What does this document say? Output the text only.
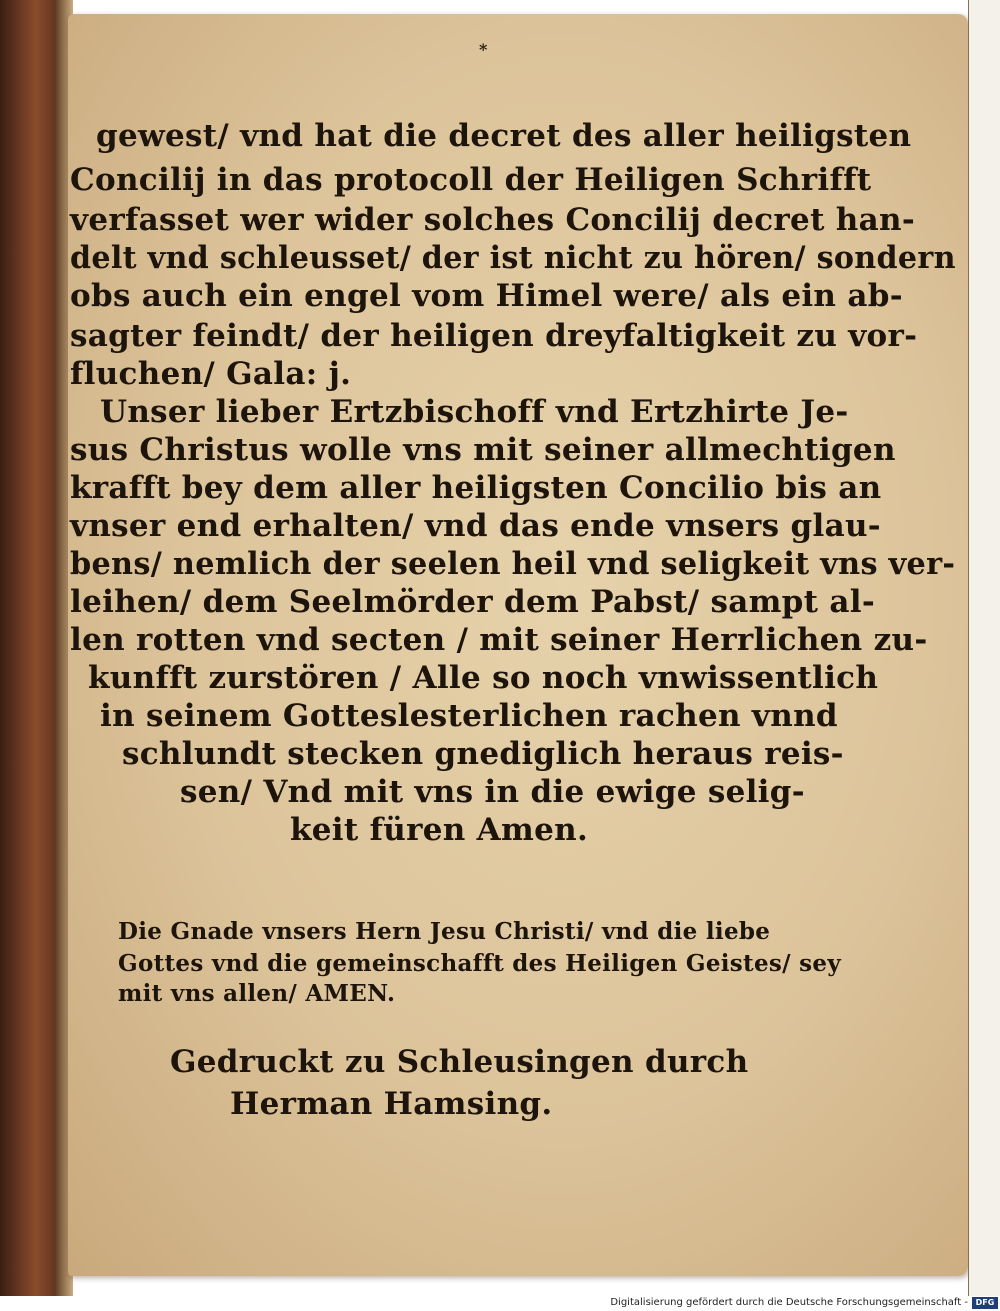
*
gewest/ vnd hat die decret des aller heiligsten
Concilij in das protocoll der Heiligen Schrifft
verfasset wer wider solches Concilij decret han-
delt vnd schleusset/ der ist nicht zu hören/ sondern
obs auch ein engel vom Himel were/ als ein ab-
sagter feindt/ der heiligen dreyfaltigkeit zu vor-
fluchen/ Gala: j.
Unser lieber Ertzbischoff vnd Ertzhirte Je-
sus Christus wolle vns mit seiner allmechtigen
krafft bey dem aller heiligsten Concilio bis an
vnser end erhalten/ vnd das ende vnsers glau-
bens/ nemlich der seelen heil vnd seligkeit vns ver-
leihen/ dem Seelmörder dem Pabst/ sampt al-
len rotten vnd secten / mit seiner Herrlichen zu-
kunfft zurstören / Alle so noch vnwissentlich
in seinem Gotteslesterlichen rachen vnnd
schlundt stecken gnediglich heraus reis-
sen/ Vnd mit vns in die ewige selig-
keit füren Amen.
Die Gnade vnsers Hern Jesu Christi/ vnd die liebe
Gottes vnd die gemeinschafft des Heiligen Geistes/ sey
mit vns allen/ AMEN.
Gedruckt zu Schleusingen durch
Herman Hamsing.
Digitalisierung gefördert durch die Deutsche Forschungsgemeinschaft - DFG
